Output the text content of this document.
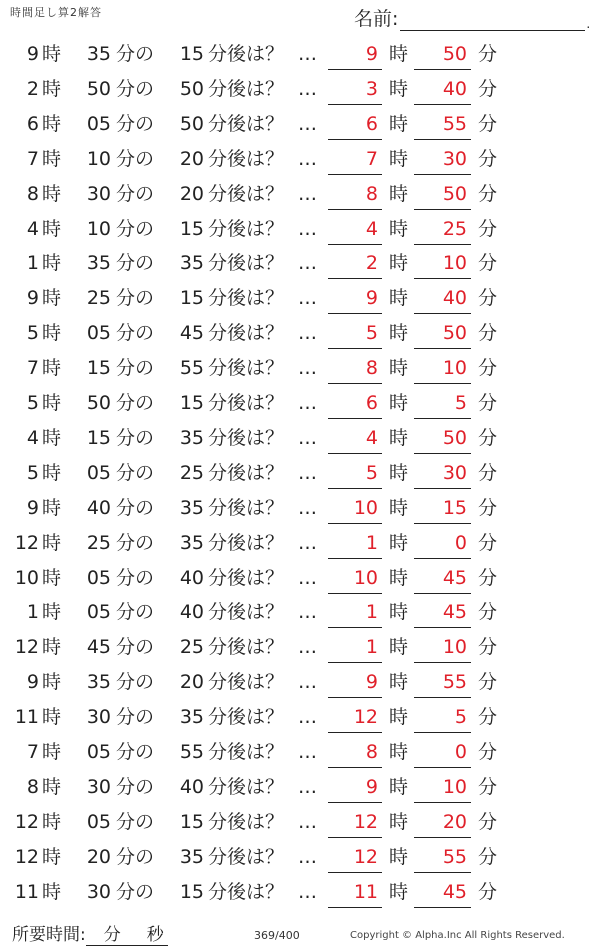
時間足し算2解答	名前:	.
9 時	35 分の	15 分後は？ …	9 時	50 分
2 時	50 分の	50 分後は？ …	3 時	40 分
6 時	05 分の	50 分後は？ …	6 時	55 分
7 時	10 分の	20 分後は？ …	7 時	30 分
8 時	30 分の	20 分後は？ …	8 時	50 分
4 時	10 分の	15 分後は？ …	4 時	25 分
1 時	35 分の	35 分後は？ …	2 時	10 分
9 時	25 分の	15 分後は？ …	9 時	40 分
5 時	05 分の	45 分後は？ …	5 時	50 分
7 時	15 分の	55 分後は？ …	8 時	10 分
5 時	50 分の	15 分後は？ …	6 時	5 分
4 時	15 分の	35 分後は？ …	4 時	50 分
5 時	05 分の	25 分後は？ …	5 時	30 分
9 時	40 分の	35 分後は？ …	10 時	15 分
12 時	25 分の	35 分後は？ …	1 時	0 分
10 時	05 分の	40 分後は？ …	10 時	45 分
1 時	05 分の	40 分後は？ …	1 時	45 分
12 時	45 分の	25 分後は？ …	1 時	10 分
9 時	35 分の	20 分後は？ …	9 時	55 分
11 時	30 分の	35 分後は？ …	12 時	5 分
7 時	05 分の	55 分後は？ …	8 時	0 分
8 時	30 分の	40 分後は？ …	9 時	10 分
12 時	05 分の	15 分後は？ …	12 時	20 分
12 時	20 分の	35 分後は？ …	12 時	55 分
11 時	30 分の	15 分後は？ …	11 時	45 分
所要時間: 分 秒	369/400	Copyright © Alpha.Inc All Rights Reserved.
